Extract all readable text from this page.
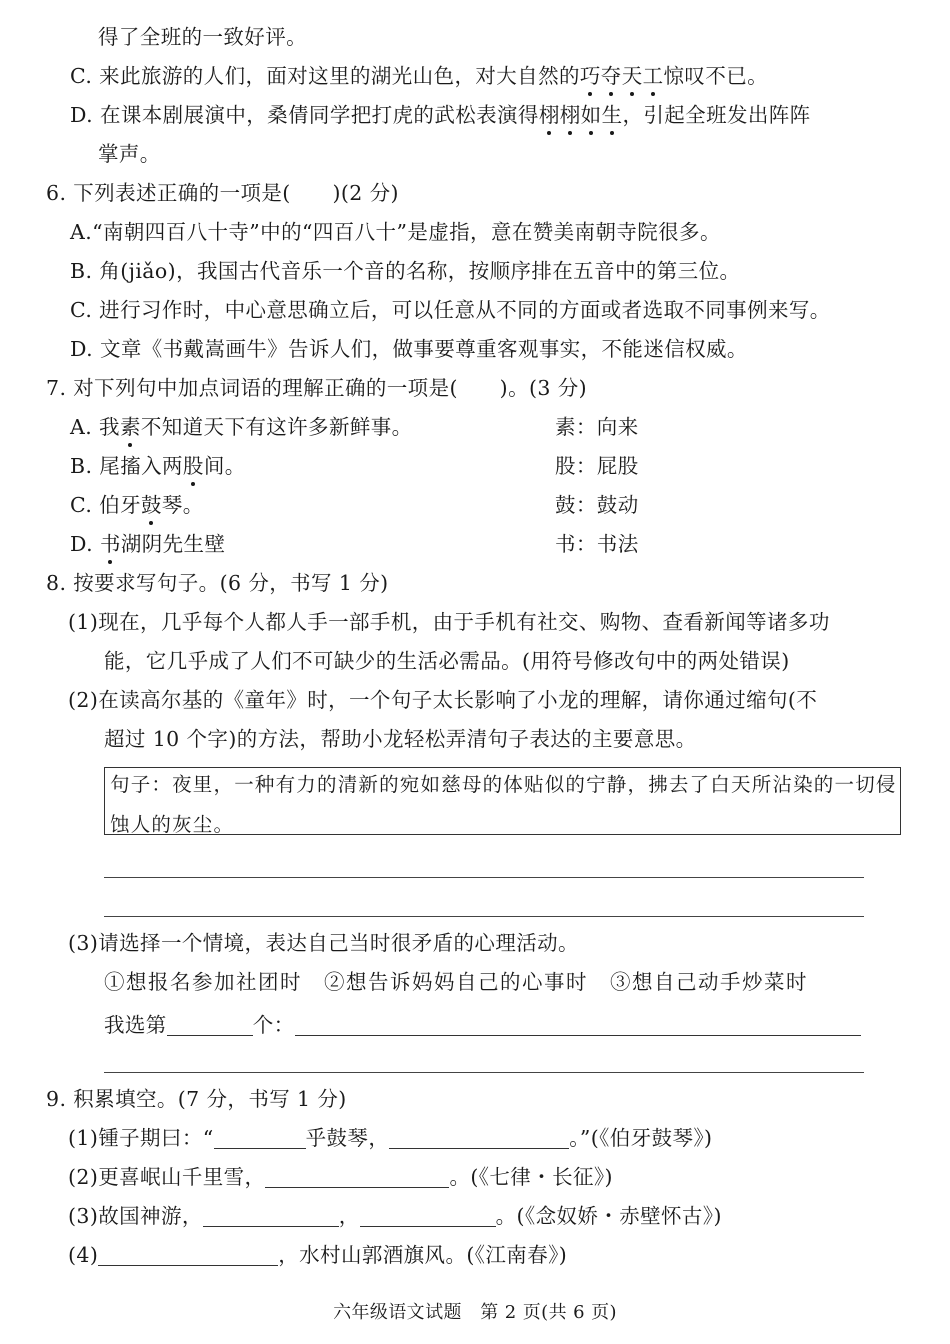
得了全班的一致好评。
C. 来此旅游的人们，面对这里的湖光山色，对大自然的巧夺天工惊叹不已。
D. 在课本剧展演中，桑倩同学把打虎的武松表演得栩栩如生，引起全班发出阵阵
掌声。
6. 下列表述正确的一项是(　　)(2 分)
A.“南朝四百八十寺”中的“四百八十”是虚指，意在赞美南朝寺院很多。
B. 角(jiǎo)，我国古代音乐一个音的名称，按顺序排在五音中的第三位。
C. 进行习作时，中心意思确立后，可以任意从不同的方面或者选取不同事例来写。
D. 文章《书戴嵩画牛》告诉人们，做事要尊重客观事实，不能迷信权威。
7. 对下列句中加点词语的理解正确的一项是(　　)。(3 分)
A. 我素不知道天下有这许多新鲜事。	素：向来
B. 尾搐入两股间。	股：屁股
C. 伯牙鼓琴。	鼓：鼓动
D. 书湖阴先生壁	书：书法
8. 按要求写句子。(6 分，书写 1 分)
(1)现在，几乎每个人都人手一部手机，由于手机有社交、购物、查看新闻等诸多功
能，它几乎成了人们不可缺少的生活必需品。(用符号修改句中的两处错误)
(2)在读高尔基的《童年》时，一个句子太长影响了小龙的理解，请你通过缩句(不
超过 10 个字)的方法，帮助小龙轻松弄清句子表达的主要意思。
句子：夜里，一种有力的清新的宛如慈母的体贴似的宁静，拂去了白天所沾染的一切侵蚀人的灰尘。
(3)请选择一个情境，表达自己当时很矛盾的心理活动。
①想报名参加社团时　②想告诉妈妈自己的心事时　③想自己动手炒菜时
我选第	个：
9. 积累填空。(7 分，书写 1 分)
(1)锺子期曰：“	乎鼓琴，	。”(《伯牙鼓琴》)
(2)更喜岷山千里雪，	。(《七律・长征》)
(3)故国神游，	，	。(《念奴娇・赤壁怀古》)
(4)	，水村山郭酒旗风。(《江南春》)
六年级语文试题　第 2 页(共 6 页)
